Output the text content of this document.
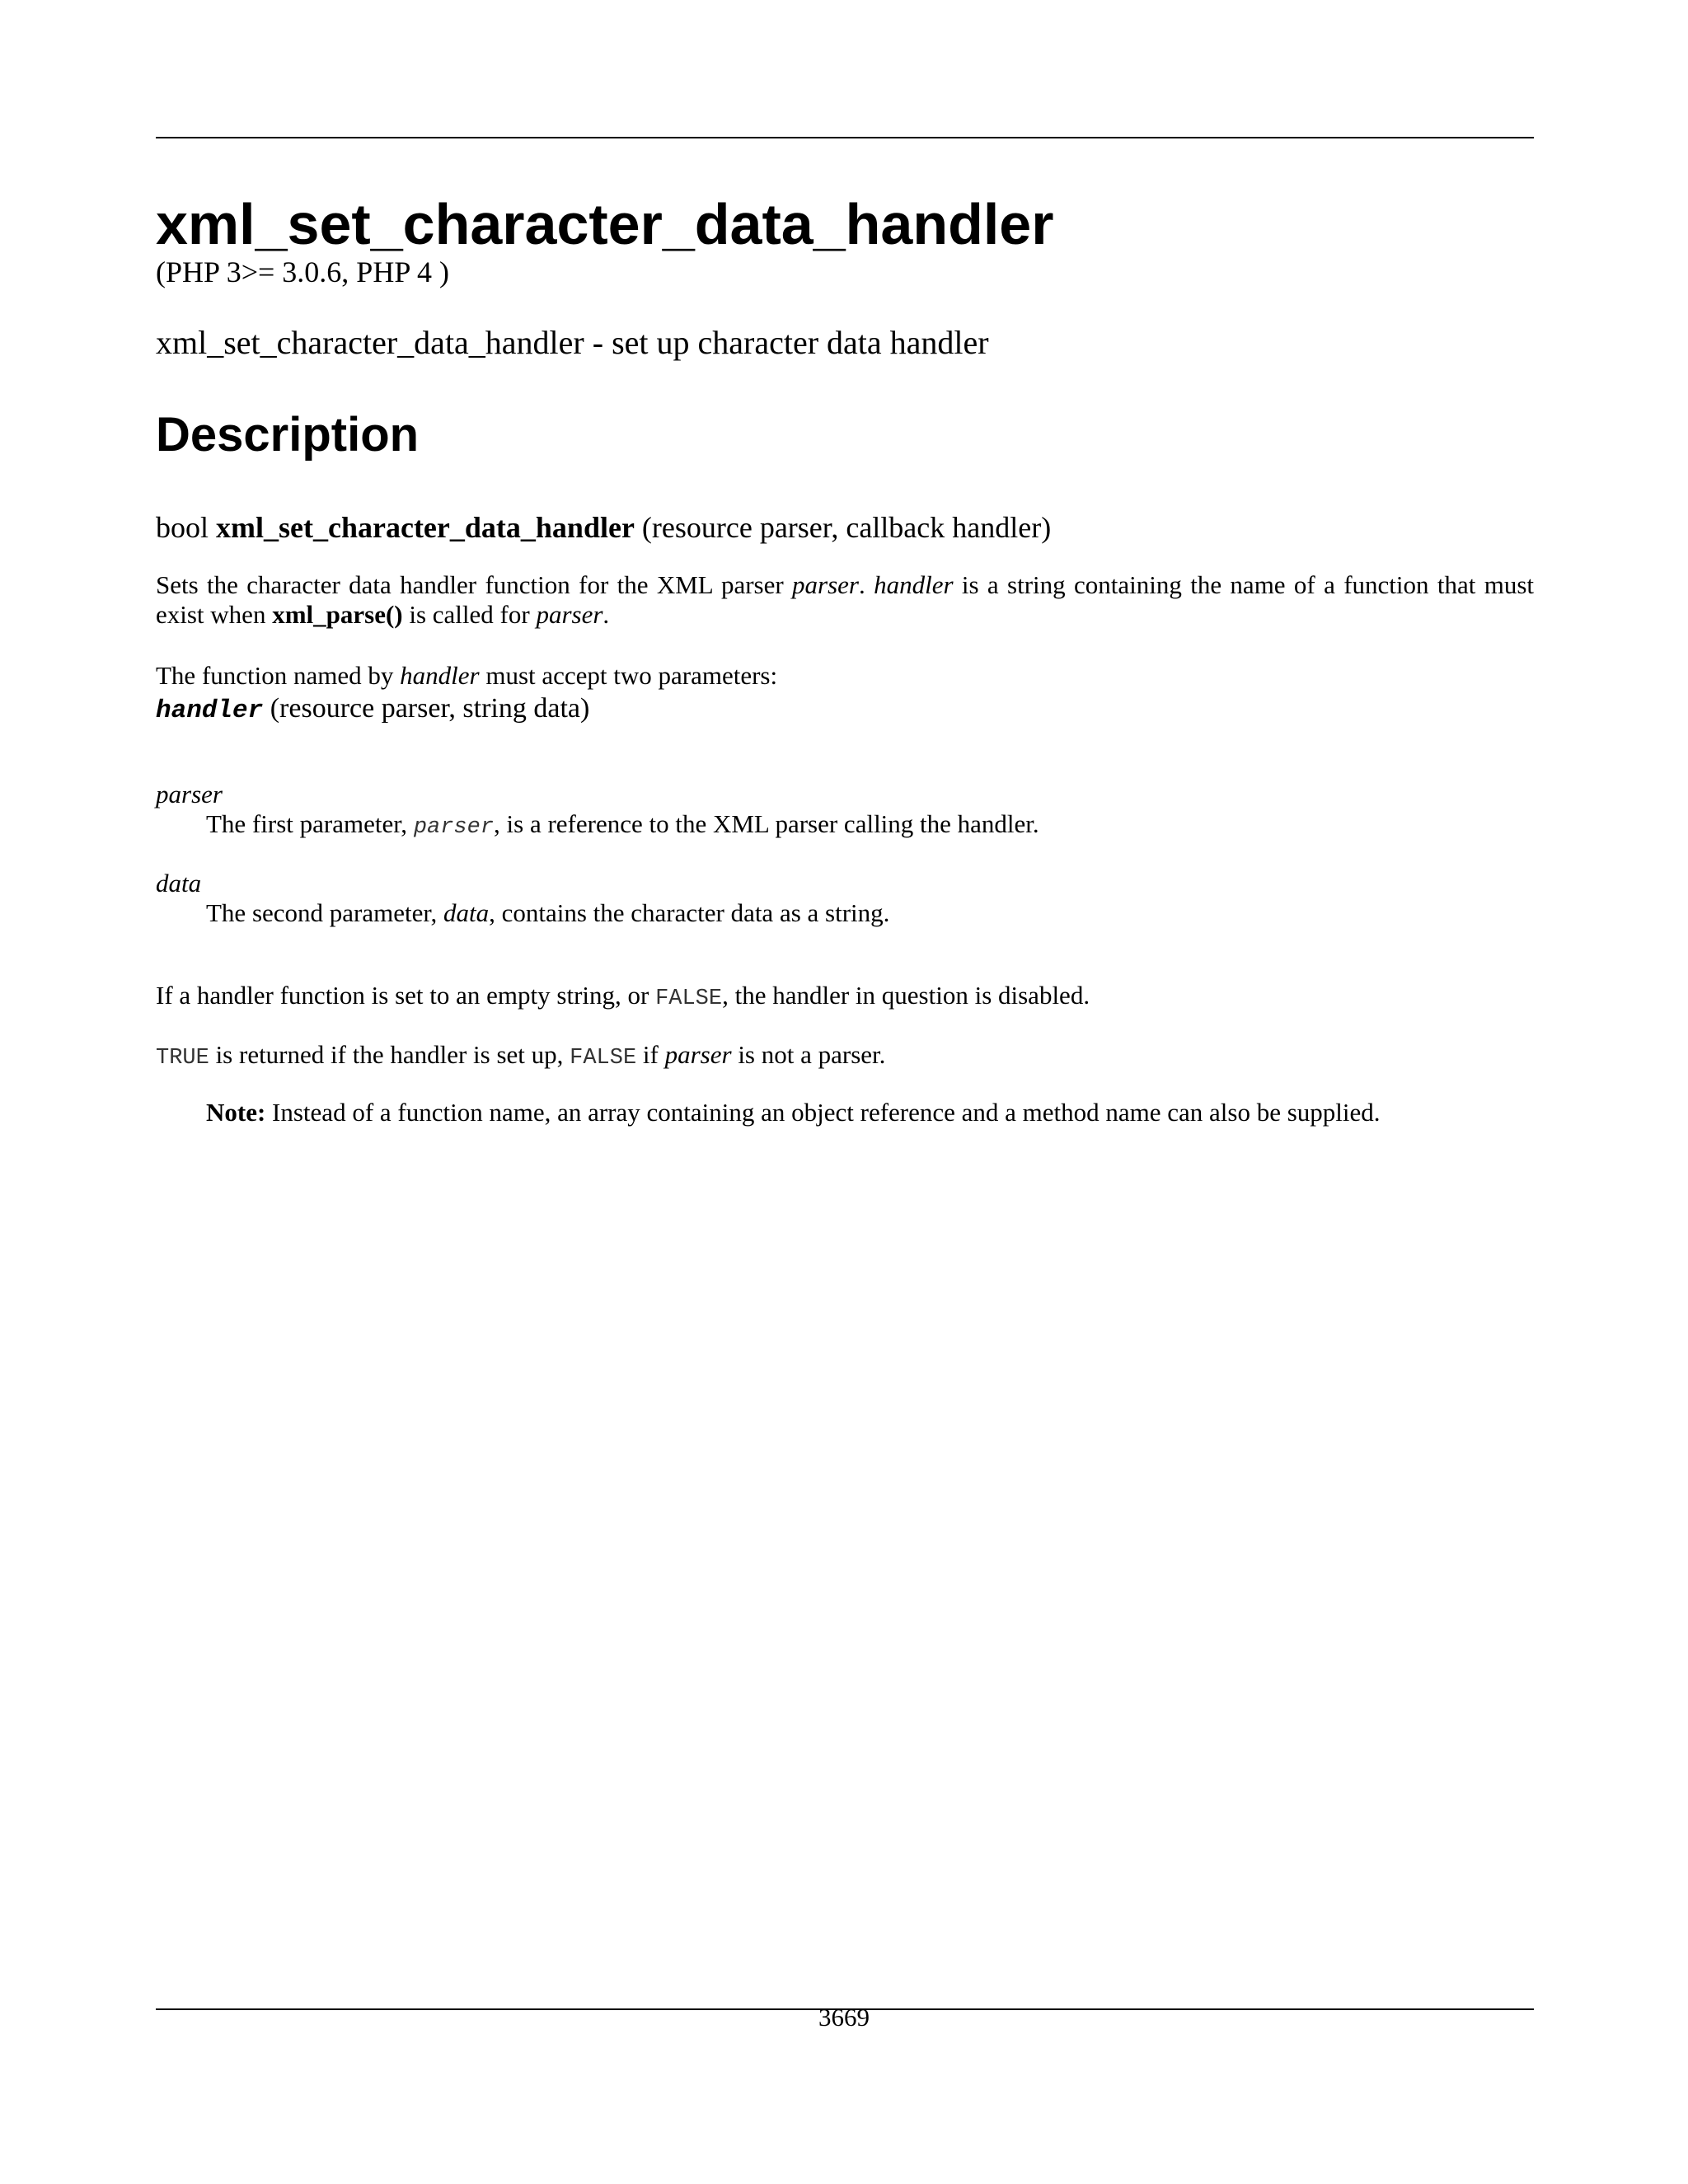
xml_set_character_data_handler
(PHP 3>= 3.0.6, PHP 4 )
xml_set_character_data_handler - set up character data handler
Description
bool xml_set_character_data_handler (resource parser, callback handler)

Sets the character data handler function for the XML parser parser. handler is a string containing the name of a function that must exist when xml_parse() is called for parser.

The function named by handler must accept two parameters:

handler (resource parser, string data)
parser
The first parameter, parser, is a reference to the XML parser calling the handler.
data
The second parameter, data, contains the character data as a string.

If a handler function is set to an empty string, or FALSE, the handler in question is disabled.

TRUE is returned if the handler is set up, FALSE if parser is not a parser.

Note: Instead of a function name, an array containing an object reference and a method name can also be supplied.

3669
